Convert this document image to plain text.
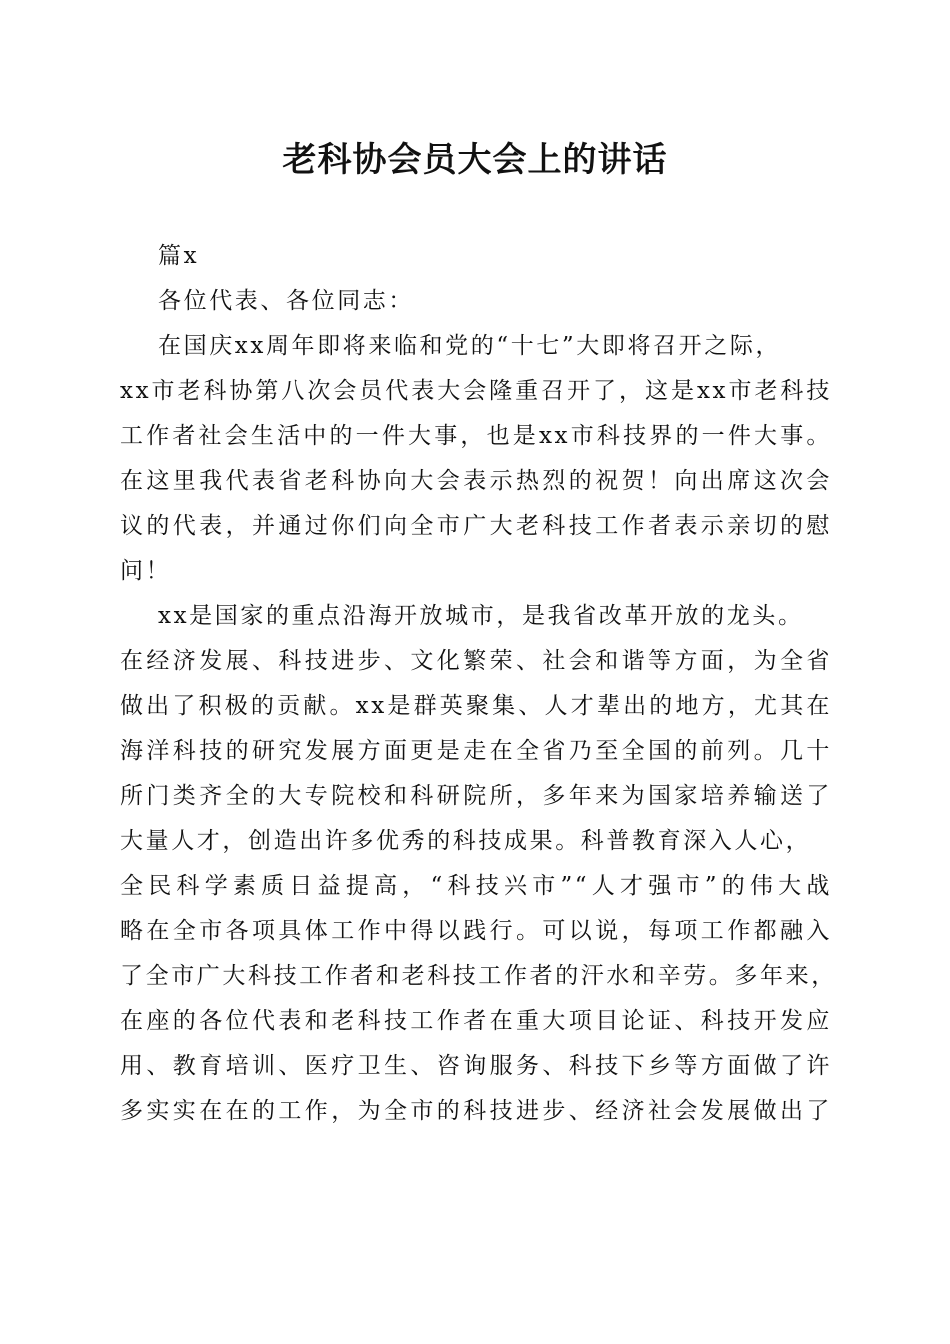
老科协会员大会上的讲话
篇x
各位代表、各位同志：
在国庆xx周年即将来临和党的“十七”大即将召开之际，
xx市老科协第八次会员代表大会隆重召开了，这是xx市老科技
工作者社会生活中的一件大事，也是xx市科技界的一件大事。
在这里我代表省老科协向大会表示热烈的祝贺！向出席这次会
议的代表，并通过你们向全市广大老科技工作者表示亲切的慰
问！
xx是国家的重点沿海开放城市，是我省改革开放的龙头。
在经济发展、科技进步、文化繁荣、社会和谐等方面，为全省
做出了积极的贡献。xx是群英聚集、人才辈出的地方，尤其在
海洋科技的研究发展方面更是走在全省乃至全国的前列。几十
所门类齐全的大专院校和科研院所，多年来为国家培养输送了
大量人才，创造出许多优秀的科技成果。科普教育深入人心，
全民科学素质日益提高，“科技兴市”“人才强市”的伟大战
略在全市各项具体工作中得以践行。可以说，每项工作都融入
了全市广大科技工作者和老科技工作者的汗水和辛劳。多年来，
在座的各位代表和老科技工作者在重大项目论证、科技开发应
用、教育培训、医疗卫生、咨询服务、科技下乡等方面做了许
多实实在在的工作，为全市的科技进步、经济社会发展做出了
